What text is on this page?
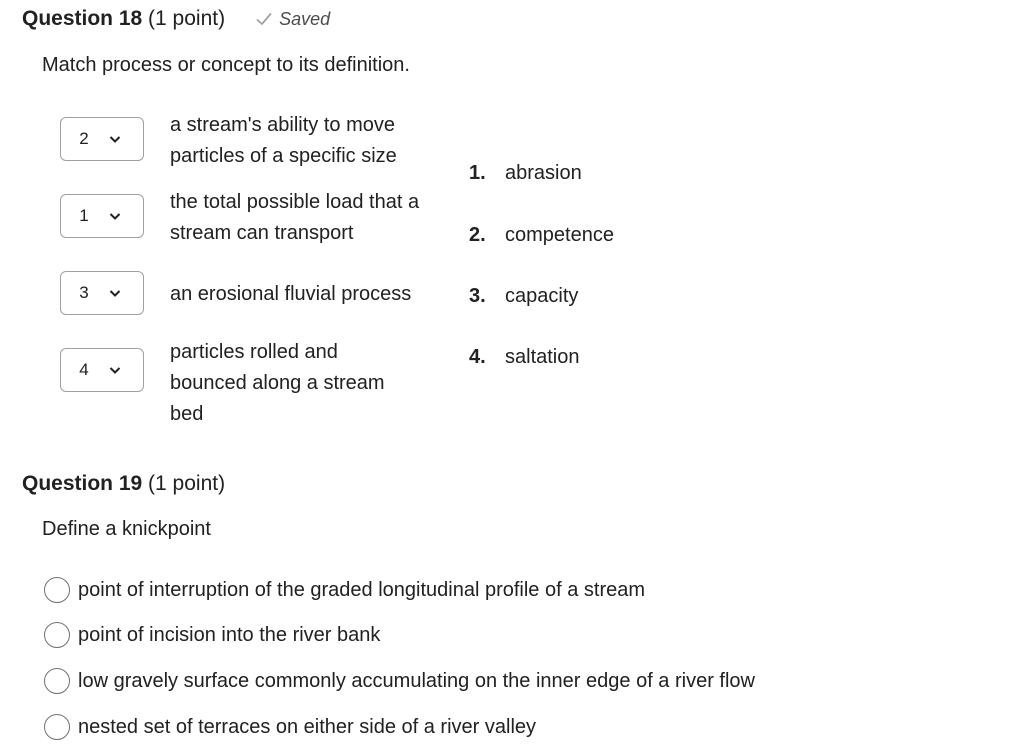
Question 18 (1 point)	Saved
Match process or concept to its definition.
2
a stream's ability to move particles of a specific size
1
the total possible load that a stream can transport
3	an erosional fluvial process
4
particles rolled and bounced along a stream bed
1. abrasion
2. competence
3. capacity
4. saltation
Question 19 (1 point)
Define a knickpoint
point of interruption of the graded longitudinal profile of a stream
point of incision into the river bank
low gravely surface commonly accumulating on the inner edge of a river flow
nested set of terraces on either side of a river valley
